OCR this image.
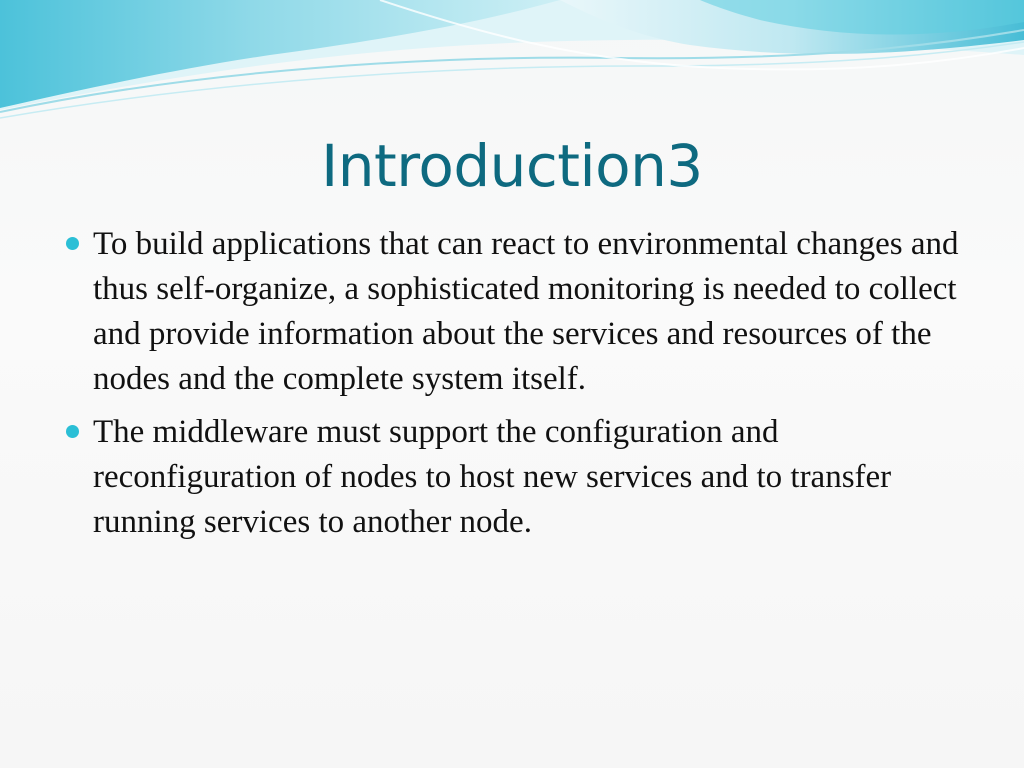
Introduction3
To build applications that can react to environmental changes and thus self-organize, a sophisticated monitoring is needed to collect and provide information about the services and resources of the nodes and the complete system itself.
The middleware must support the configuration and reconfiguration of nodes to host new services and to transfer running services to another node.
